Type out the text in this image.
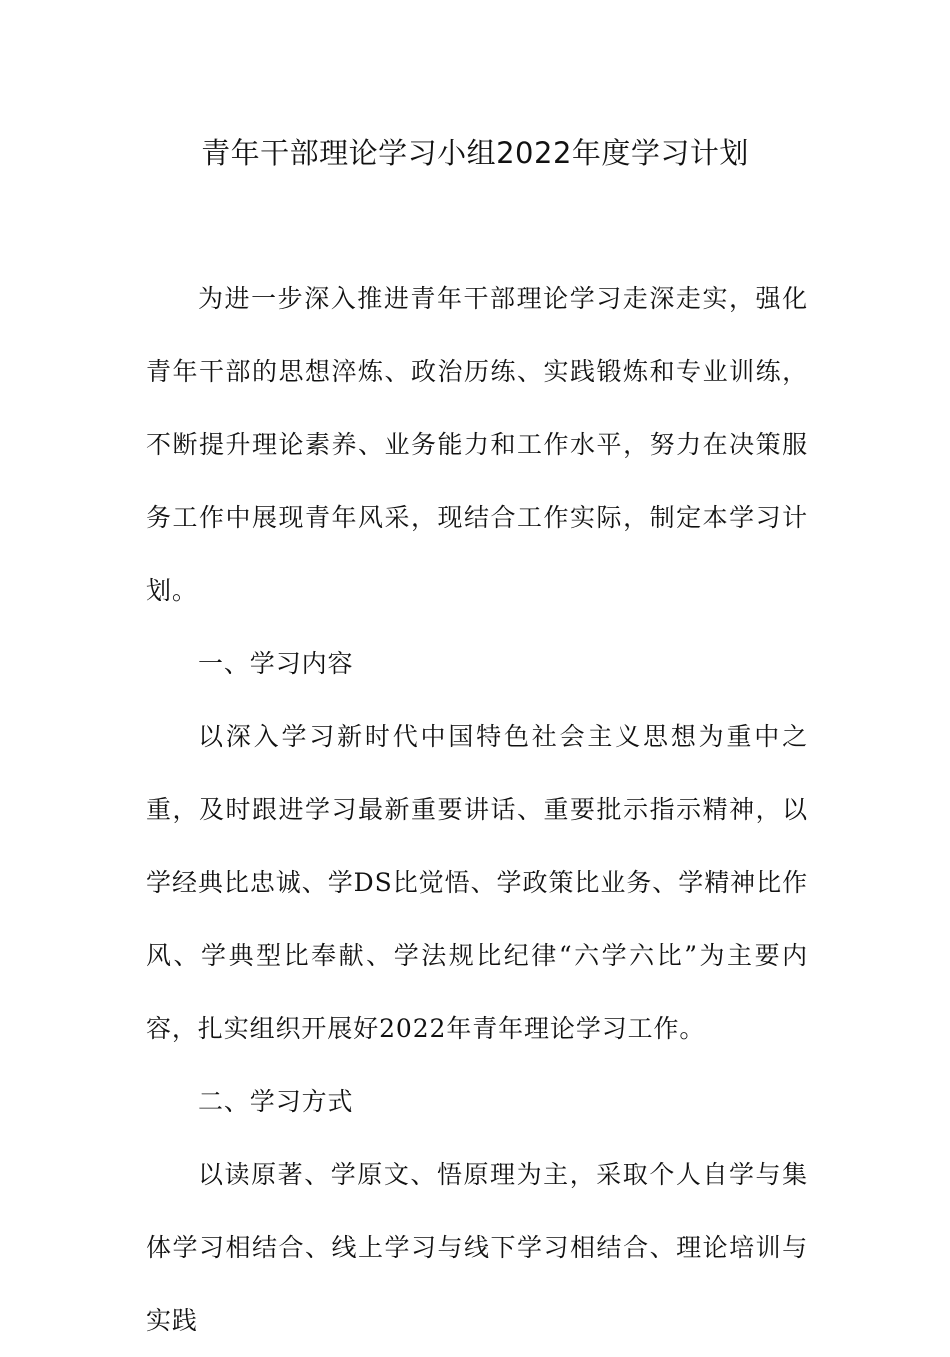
青年干部理论学习小组2022年度学习计划

为进一步深入推进青年干部理论学习走深走实，强化青年干部的思想淬炼、政治历练、实践锻炼和专业训练，不断提升理论素养、业务能力和工作水平，努力在决策服务工作中展现青年风采，现结合工作实际，制定本学习计划。

一、学习内容

以深入学习新时代中国特色社会主义思想为重中之重，及时跟进学习最新重要讲话、重要批示指示精神，以学经典比忠诚、学DS比觉悟、学政策比业务、学精神比作风、学典型比奉献、学法规比纪律“六学六比”为主要内容，扎实组织开展好2022年青年理论学习工作。

二、学习方式

以读原著、学原文、悟原理为主，采取个人自学与集体学习相结合、线上学习与线下学习相结合、理论培训与实践
